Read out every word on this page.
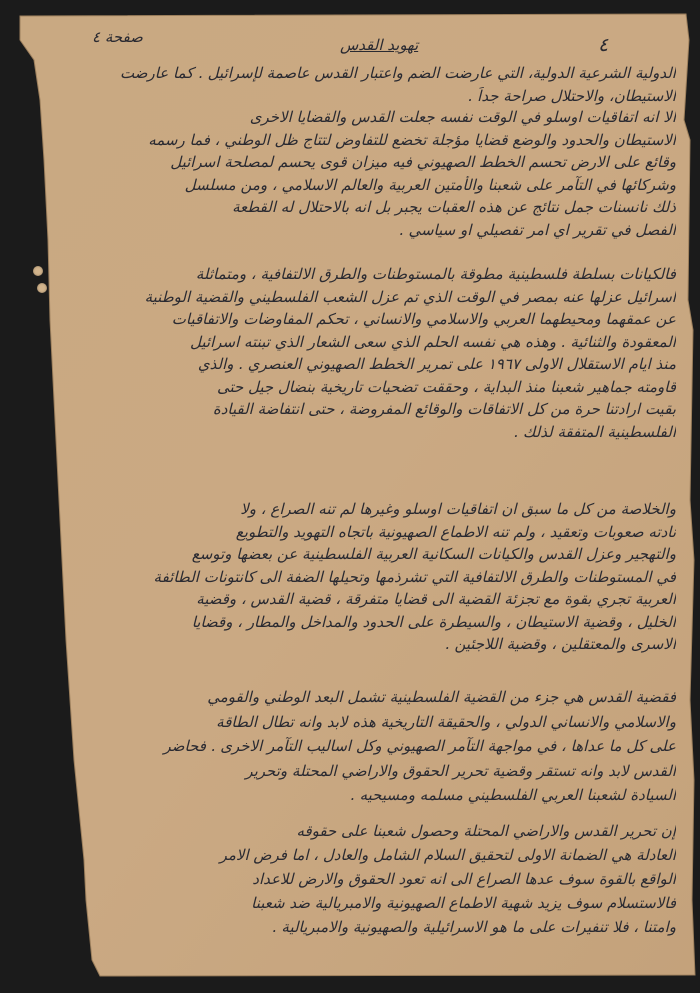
صفحة ٤	تهويد القدس	٤
الدولية الشرعية الدولية، التي عارضت الضم واعتبار القدس عاصمة لإسرائيل . كما عارضت
الاستيطان، والاحتلال صراحة جداً .
الا انه اتفاقيات اوسلو في الوقت نفسه جعلت القدس والقضايا الاخرى
الاستيطان والحدود والوضع قضايا مؤجلة تخضع للتفاوض لتتاج ظل الوطني ، فما رسمه
وقائع على الارض تحسم الخطط الصهيوني فيه ميزان قوى يحسم لمصلحة اسرائيل
وشركائها في التآمر على شعبنا والأمتين العربية والعالم الاسلامي ، ومن مسلسل
ذلك نانسنات جمل نتائج عن هذه العقبات يجبر بل انه بالاحتلال له القطعة
الفصل في تقرير اي امر تفصيلي او سياسي .
فالكيانات بسلطة فلسطينية مطوقة بالمستوطنات والطرق الالتفافية ، ومتماثلة
اسرائيل عزلها عنه بمصر في الوقت الذي تم عزل الشعب الفلسطيني والقضية الوطنية
عن عمقهما ومحيطهما العربي والاسلامي والانساني ، تحكم المفاوضات والاتفاقيات
المعقودة والثنائية . وهذه هي نفسه الحلم الذي سعى الشعار الذي تبنته اسرائيل
منذ ايام الاستقلال الاولى ١٩٦٧ على تمرير الخطط الصهيوني العنصري . والذي
قاومته جماهير شعبنا منذ البداية ، وحققت تضحيات تاريخية بنضال جيل حتى
بقيت ارادتنا حرة من كل الاتفاقات والوقائع المفروضة ، حتى انتفاضة القيادة
الفلسطينية المتفقة لذلك .
والخلاصة من كل ما سبق ان اتفاقيات اوسلو وغيرها لم تنه الصراع ، ولا
نادته صعوبات وتعقيد ، ولم تنه الاطماع الصهيونية باتجاه التهويد والتطويع
والتهجير وعزل القدس والكيانات السكانية العربية الفلسطينية عن بعضها وتوسع
في المستوطنات والطرق الالتفافية التي تشرذمها وتحيلها الضفة الى كانتونات الطائفة
العربية تجري بقوة مع تجزئة القضية الى قضايا متفرقة ، قضية القدس ، وقضية
الخليل ، وقضية الاستيطان ، والسيطرة على الحدود والمداخل والمطار ، وقضايا
الاسرى والمعتقلين ، وقضية اللاجئين .
فقضية القدس هي جزء من القضية الفلسطينية تشمل البعد الوطني والقومي
والاسلامي والانساني الدولي ، والحقيقة التاريخية هذه لابد وانه تطال الطاقة
على كل ما عداها ، في مواجهة التآمر الصهيوني وكل اساليب التآمر الاخرى . فحاضر
القدس لابد وانه تستقر وقضية تحرير الحقوق والاراضي المحتلة وتحرير
السيادة لشعبنا العربي الفلسطيني مسلمه ومسيحيه .
إن تحرير القدس والاراضي المحتلة وحصول شعبنا على حقوقه
العادلة هي الضمانة الاولى لتحقيق السلام الشامل والعادل ، اما فرض الامر
الواقع بالقوة سوف عدها الصراع الى انه تعود الحقوق والارض للاعداد
فالاستسلام سوف يزيد شهية الاطماع الصهيونية والامبريالية ضد شعبنا
وامتنا ، فلا تنفيرات على ما هو الاسرائيلية والصهيونية والامبريالية .
